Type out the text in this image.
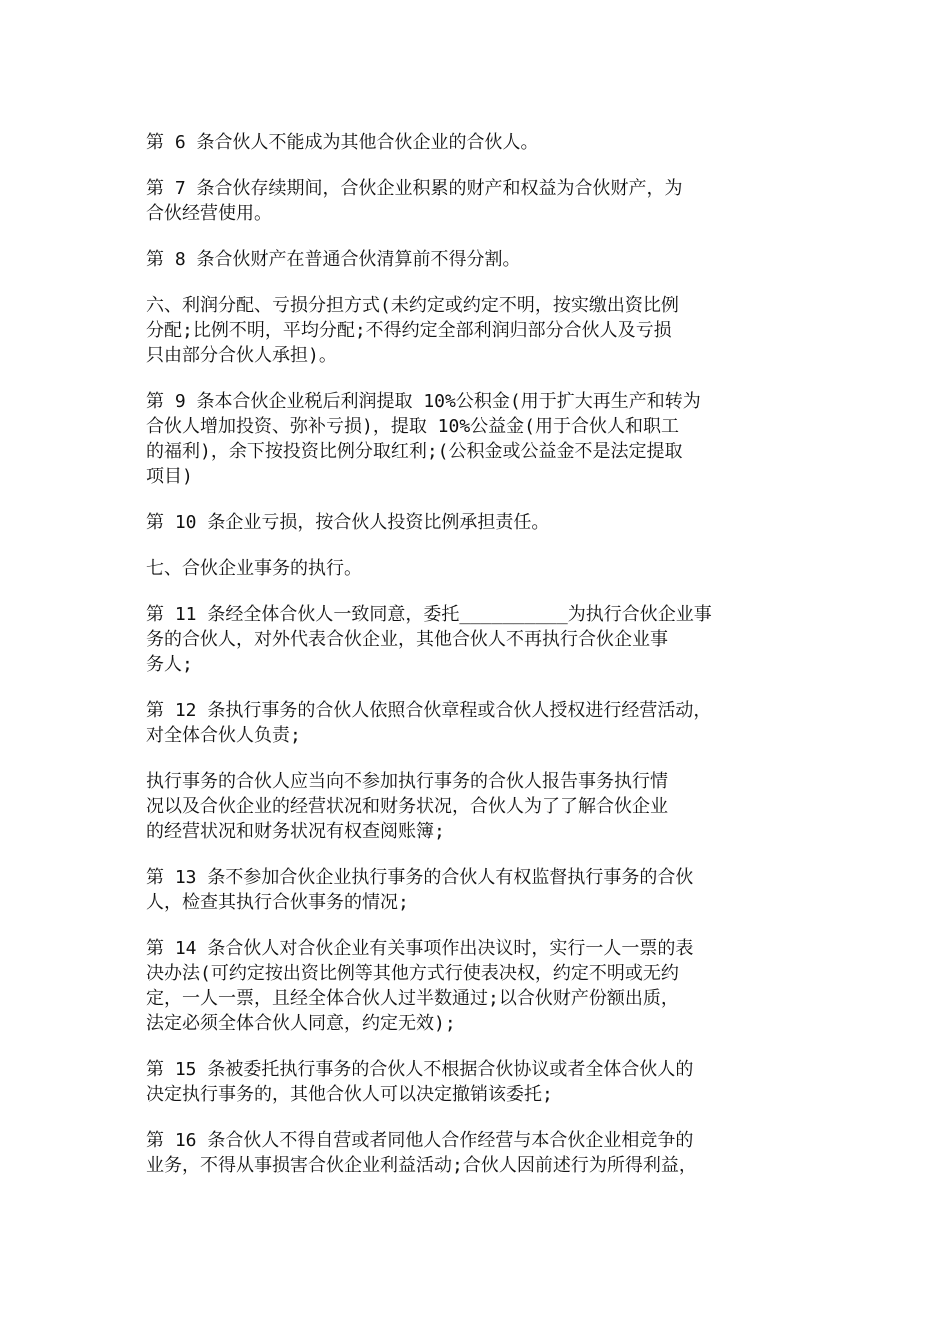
第 6 条合伙人不能成为其他合伙企业的合伙人。

第 7 条合伙存续期间，合伙企业积累的财产和权益为合伙财产，为
合伙经营使用。

第 8 条合伙财产在普通合伙清算前不得分割。

六、利润分配、亏损分担方式(未约定或约定不明，按实缴出资比例
分配;比例不明，平均分配;不得约定全部利润归部分合伙人及亏损
只由部分合伙人承担)。

第 9 条本合伙企业税后利润提取 10%公积金(用于扩大再生产和转为
合伙人增加投资、弥补亏损)，提取 10%公益金(用于合伙人和职工
的福利)，余下按投资比例分取红利;(公积金或公益金不是法定提取
项目)

第 10 条企业亏损，按合伙人投资比例承担责任。

七、合伙企业事务的执行。

第 11 条经全体合伙人一致同意，委托__________为执行合伙企业事
务的合伙人，对外代表合伙企业，其他合伙人不再执行合伙企业事
务人;

第 12 条执行事务的合伙人依照合伙章程或合伙人授权进行经营活动，
对全体合伙人负责;

执行事务的合伙人应当向不参加执行事务的合伙人报告事务执行情
况以及合伙企业的经营状况和财务状况，合伙人为了了解合伙企业
的经营状况和财务状况有权查阅账簿;

第 13 条不参加合伙企业执行事务的合伙人有权监督执行事务的合伙
人，检查其执行合伙事务的情况;

第 14 条合伙人对合伙企业有关事项作出决议时，实行一人一票的表
决办法(可约定按出资比例等其他方式行使表决权，约定不明或无约
定，一人一票，且经全体合伙人过半数通过;以合伙财产份额出质，
法定必须全体合伙人同意，约定无效);

第 15 条被委托执行事务的合伙人不根据合伙协议或者全体合伙人的
决定执行事务的，其他合伙人可以决定撤销该委托;

第 16 条合伙人不得自营或者同他人合作经营与本合伙企业相竞争的
业务，不得从事损害合伙企业利益活动;合伙人因前述行为所得利益，
